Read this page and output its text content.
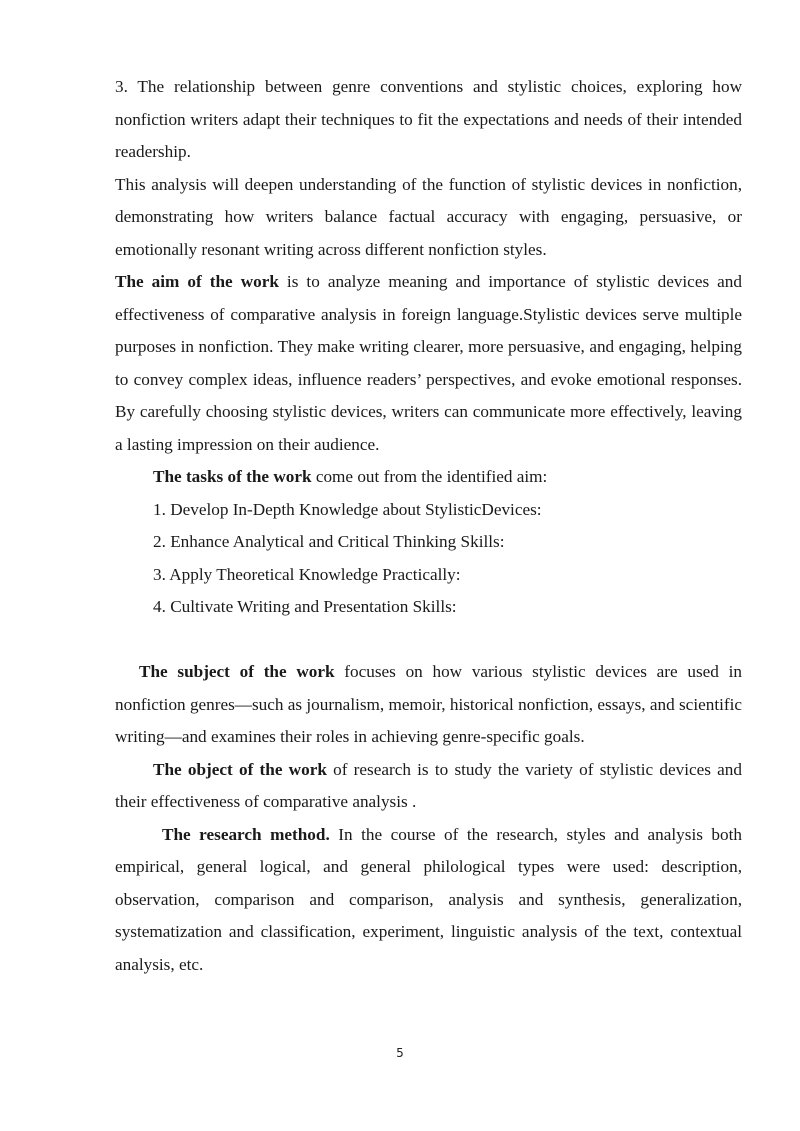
3. The relationship between genre conventions and stylistic choices, exploring how nonfiction writers adapt their techniques to fit the expectations and needs of their intended readership.

This analysis will deepen understanding of the function of stylistic devices in nonfiction, demonstrating how writers balance factual accuracy with engaging, persuasive, or emotionally resonant writing across different nonfiction styles.

The aim of the work is to analyze meaning and importance of stylistic devices and effectiveness of comparative analysis in foreign language.Stylistic devices serve multiple purposes in nonfiction. They make writing clearer, more persuasive, and engaging, helping to convey complex ideas, influence readers’ perspectives, and evoke emotional responses. By carefully choosing stylistic devices, writers can communicate more effectively, leaving a lasting impression on their audience.

The tasks of the work come out from the identified aim:

1. Develop In-Depth Knowledge about StylisticDevices:

2. Enhance Analytical and Critical Thinking Skills:

3. Apply Theoretical Knowledge Practically:

4. Cultivate Writing and Presentation Skills:

The subject of the work focuses on how various stylistic devices are used in nonfiction genres—such as journalism, memoir, historical nonfiction, essays, and scientific writing—and examines their roles in achieving genre-specific goals.

The object of the work of research is to study the variety of stylistic devices and their effectiveness of comparative analysis .

The research method. In the course of the research, styles and analysis both empirical, general logical, and general philological types were used: description, observation, comparison and comparison, analysis and synthesis, generalization, systematization and classification, experiment, linguistic analysis of the text, contextual analysis, etc.

5
